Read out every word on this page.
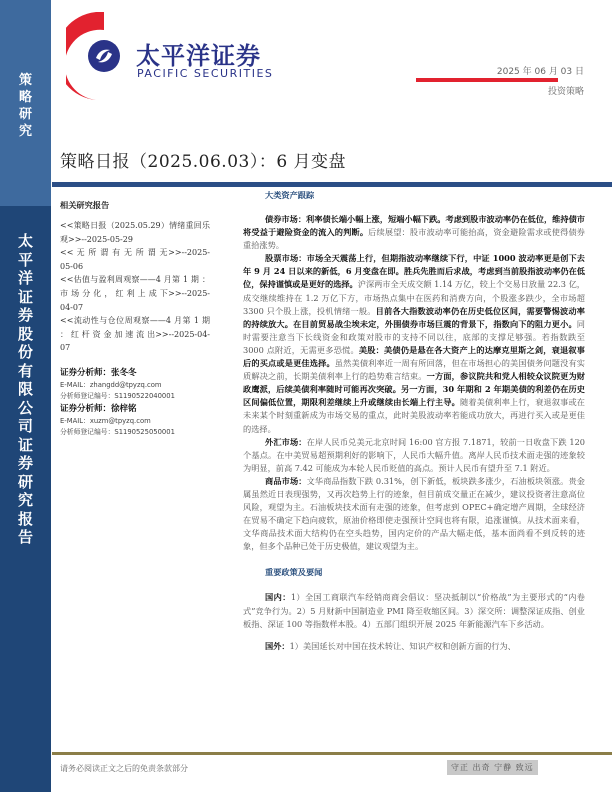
策
略
研
究
太
平
洋
证
券
股
份
有
限
公
司
证
券
研
究
报
告
太平洋证券
PACIFIC SECURITIES	2025 年 06 月 03 日
投资策略
策略日报（2025.06.03）：6 月变盘
相关研究报告
<<策略日报（2025.05.29）情绪重回乐观>>--2025-05-29
<< 无 所 谓 有 无 所 谓 无>>--2025-05-06
<<估值与盈利周观察——4 月第 1 期 ： 市 场 分 化 ， 红 利 上 成 下>>--2025-04-07
<<流动性与仓位周观察——4 月第 1 期 ： 红 杆 资 金 加 速 流 出>>--2025-04-07
证券分析师：张冬冬
E-MAIL：zhangdd@tpyzq.com
分析师登记编号：S1190522040001
证券分析师：徐梓铭
E-MAIL：xuzm@tpyzq.com
分析师登记编号：S1190525050001
大类资产跟踪

债券市场：利率债长端小幅上涨，短端小幅下跌。考虑到股市波动率仍在低位，维持债市将受益于避险资金的流入的判断。后续展望：股市波动率可能抬高，资金避险需求或使得债券重拾涨势。

股票市场：市场全天震荡上行，但期指波动率继续下行，中证 1000 波动率更是创下去年 9 月 24 日以来的新低，6 月变盘在即。胜兵先胜而后求战，考虑到当前股指波动率仍在低位，保持谨慎或是更好的选择。沪深两市全天成交额 1.14 万亿，较上个交易日放量 22.3 亿，成交继续维持在 1.2 万亿下方，市场热点集中在医药和消费方向，个股涨多跌少，全市场超 3300 只个股上涨，投机情绪一般。目前各大指数波动率仍在历史低位区间，需要警惕波动率的持续放大。在目前贸易战尘埃未定，外围债券市场巨震的背景下，指数向下的阻力更小。同时需要注意当下长线资金和政策对股市的支持不同以往，底部的支撑足够强。若指数跌至 3000 点附近，无需更多恐慌。美股：美债仍是悬在各大资产上的达摩克里斯之剑，衰退叙事后的买点或是更佳选择。虽然美债利率近一周有所回落，但在市场担心的美国债务问题没有实质解决之前，长期美债利率上行的趋势难言结束。一方面，参议院共和党人相较众议院更为财政鹰派，后续美债利率随时可能再次突破。另一方面，30 年期和 2 年期美债的利差仍在历史区间偏低位置，期限利差继续上升或继续由长端上行主导。随着美债利率上行，衰退叙事或在未来某个时刻重新成为市场交易的重点，此时美股波动率若能成功放大，再进行买入或是更佳的选择。

外汇市场：在岸人民币兑美元北京时间 16:00 官方报 7.1871，较前一日收盘下跌 120 个基点。在中美贸易超预期利好的影响下，人民币大幅升值。离岸人民币技术面走强的迹象较为明显，前高 7.42 可能成为本轮人民币贬值的高点。预计人民币有望升至 7.1 附近。

商品市场：文华商品指数下跌 0.31%，创下新低，板块跌多涨少，石油板块领涨。贵金属虽然近日表现强势，又再次趋势上行的迹象，但目前成交量正在减少，建议投资者注意高位风险，观望为主。石油板块技术面有走强的迹象，但考虑到 OPEC+确定增产周期，全球经济在贸易不确定下趋向疲软，原油价格即使走强预计空间也将有限，追涨谨慎。从技术面来看，文华商品技术面大结构仍在空头趋势，国内定价的产品大幅走低，基本面尚看不到反转的迹象，但多个品种已处于历史极值，建议观望为主。

重要政策及要闻

国内：1）全国工商联汽车经销商商会倡议：坚决抵制以“价格战”为主要形式的“内卷式”竞争行为。2）5 月财新中国制造业 PMI 降至收缩区间。3）深交所：调整深证成指、创业板指、深证 100 等指数样本股。4）五部门组织开展 2025 年新能源汽车下乡活动。

国外：1）美国延长对中国在技术转让、知识产权和创新方面的行为、

请务必阅读正文之后的免责条款部分	守正 出奇 宁静 致远
